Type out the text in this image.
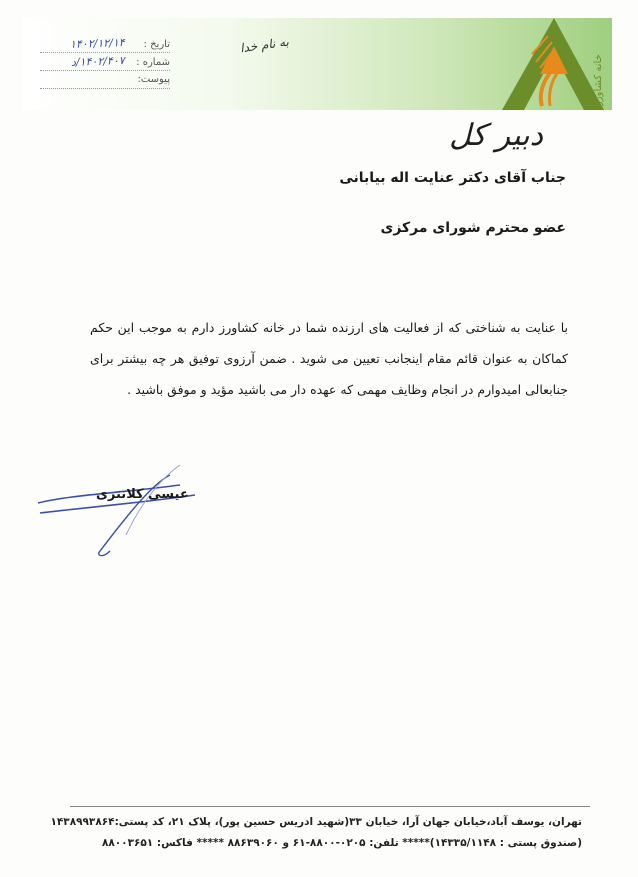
خانه کشاورز
تاریخ : ۱۴۰۲/۱۲/۱۴
شماره : ۱۴۰۲/۴۰۷/د
پیوست:
به نام خدا
دبیر کل
جناب آقای دکتر عنایت اله بیابانی
عضو محترم شورای مرکزی
با عنایت به شناختی که از فعالیت های ارزنده شما در خانه کشاورز دارم به موجب این حکم کماکان به عنوان قائم مقام اینجانب تعیین می شوید . ضمن آرزوی توفیق هر چه بیشتر برای جنابعالی امیدوارم در انجام وظایف مهمی که عهده دار می باشید مؤید و موفق باشید .
عیسی کلانتری
تهران، یوسف آباد،خیابان جهان آرا، خیابان ۳۳(شهید ادریس حسین پور)، پلاک ۲۱، کد پستی:۱۴۳۸۹۹۳۸۶۴
(صندوق پستی : ۱۴۳۳۵/۱۱۴۸)***** تلفن: ۰۲۰۵-۸۸۰۰-۶۱ و ۸۸۶۳۹۰۶۰ ***** فاکس: ۸۸۰۰۳۶۵۱
